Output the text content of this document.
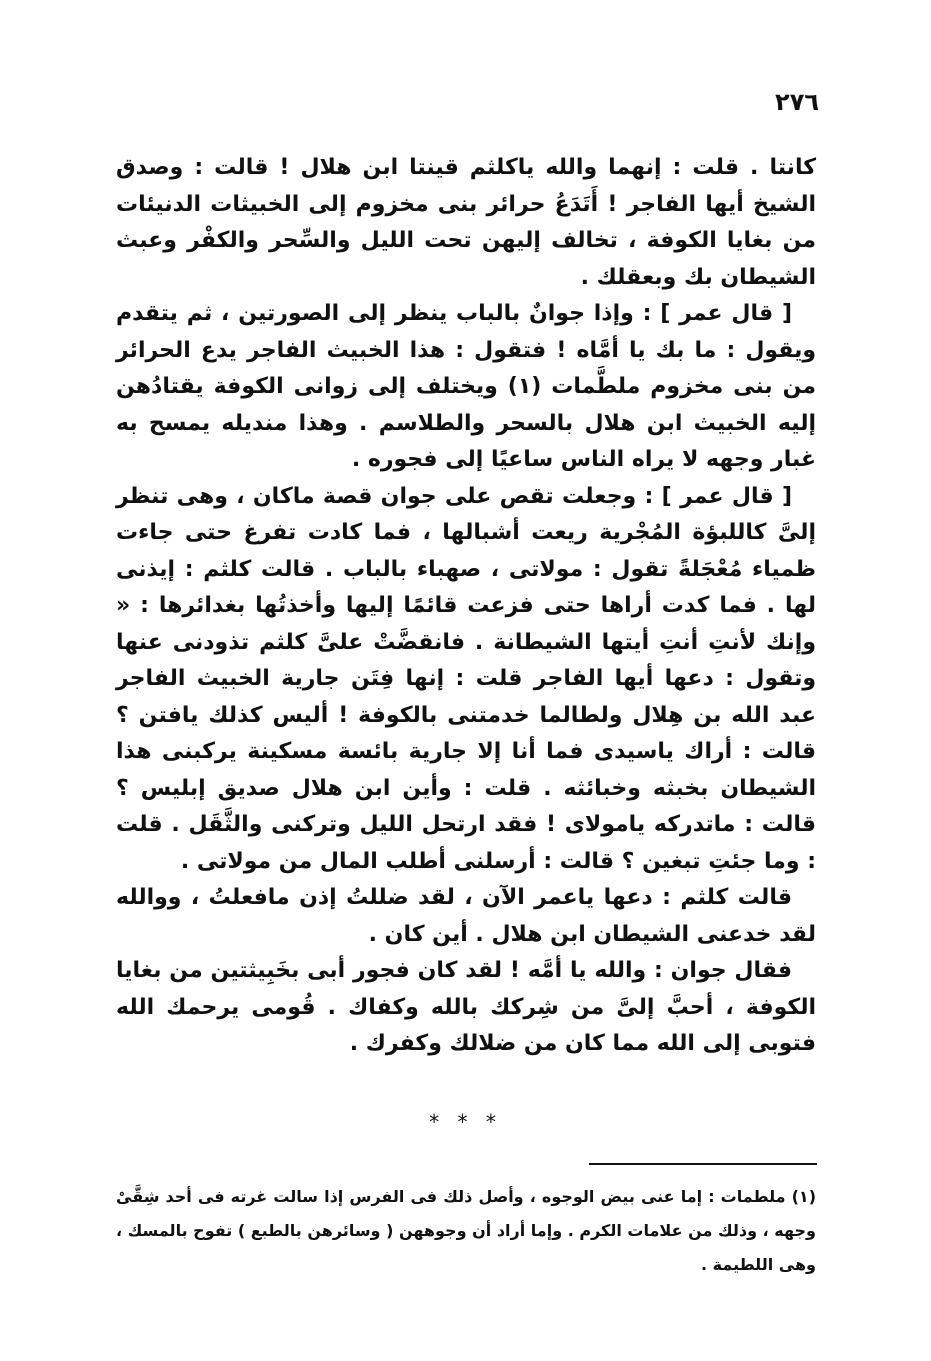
٢٧٦

كانتا . قلت : إنهما والله ياكلثم قينتا ابن هلال ! قالت : وصدق الشيخ أيها الفاجر ! أَتَدَعُ حرائر بنى مخزوم إلى الخبيثات الدنيئات من بغايا الكوفة ، تخالف إليهن تحت الليل والسِّحر والكفْر وعبث الشيطان بك وبعقلك .

[ قال عمر ] : وإذا جوانٌ بالباب ينظر إلى الصورتين ، ثم يتقدم ويقول : ما بك يا أمَّاه ! فتقول : هذا الخبيث الفاجر يدع الحرائر من بنى مخزوم ملطَّمات (١) ويختلف إلى زوانى الكوفة يقتادُهن إليه الخبيث ابن هلال بالسحر والطلاسم . وهذا منديله يمسح به غبار وجهه لا يراه الناس ساعيًا إلى فجوره .

[ قال عمر ] : وجعلت تقص على جوان قصة ماكان ، وهى تنظر إلىَّ كاللبؤة المُجْرية ريعت أشبالها ، فما كادت تفرغ حتى جاءت ظمياء مُعْجَلةً تقول : مولاتى ، صهباء بالباب . قالت كلثم : إيذنى لها . فما كدت أراها حتى فزعت قائمًا إليها وأخذتُها بغدائرها : « وإنك لأنتِ أنتِ أيتها الشيطانة . فانقضَّتْ علىَّ كلثم تذودنى عنها وتقول : دعها أيها الفاجر قلت : إنها فِتَن جارية الخبيث الفاجر عبد الله بن هِلال ولطالما خدمتنى بالكوفة ! أليس كذلك يافتن ؟ قالت : أراك ياسيدى فما أنا إلا جارية بائسة مسكينة يركبنى هذا الشيطان بخبثه وخبائثه . قلت : وأين ابن هلال صديق إبليس ؟ قالت : ماتدركه يامولاى ! فقد ارتحل الليل وتركنى والثَّقَل . قلت : وما جئتِ تبغين ؟ قالت : أرسلنى أطلب المال من مولاتى .

قالت كلثم : دعها ياعمر الآن ، لقد ضللتُ إذن مافعلتُ ، ووالله لقد خدعنى الشيطان ابن هلال . أين كان .

فقال جوان : والله يا أمَّه ! لقد كان فجور أبى بخَبِيثتين من بغايا الكوفة ، أحبَّ إلىَّ من شِركك بالله وكفاك . قُومى يرحمك الله فتوبى إلى الله مما كان من ضلالك وكفرك .

* * *

(١) ملطمات : إما عنى بيض الوجوه ، وأصل ذلك فى الفرس إذا سالت غرته فى أحد شِقَّىْ وجهه ، وذلك من علامات الكرم . وإما أراد أن وجوههن ( وسائرهن بالطبع ) تفوح بالمسك ، وهى اللطيمة .
